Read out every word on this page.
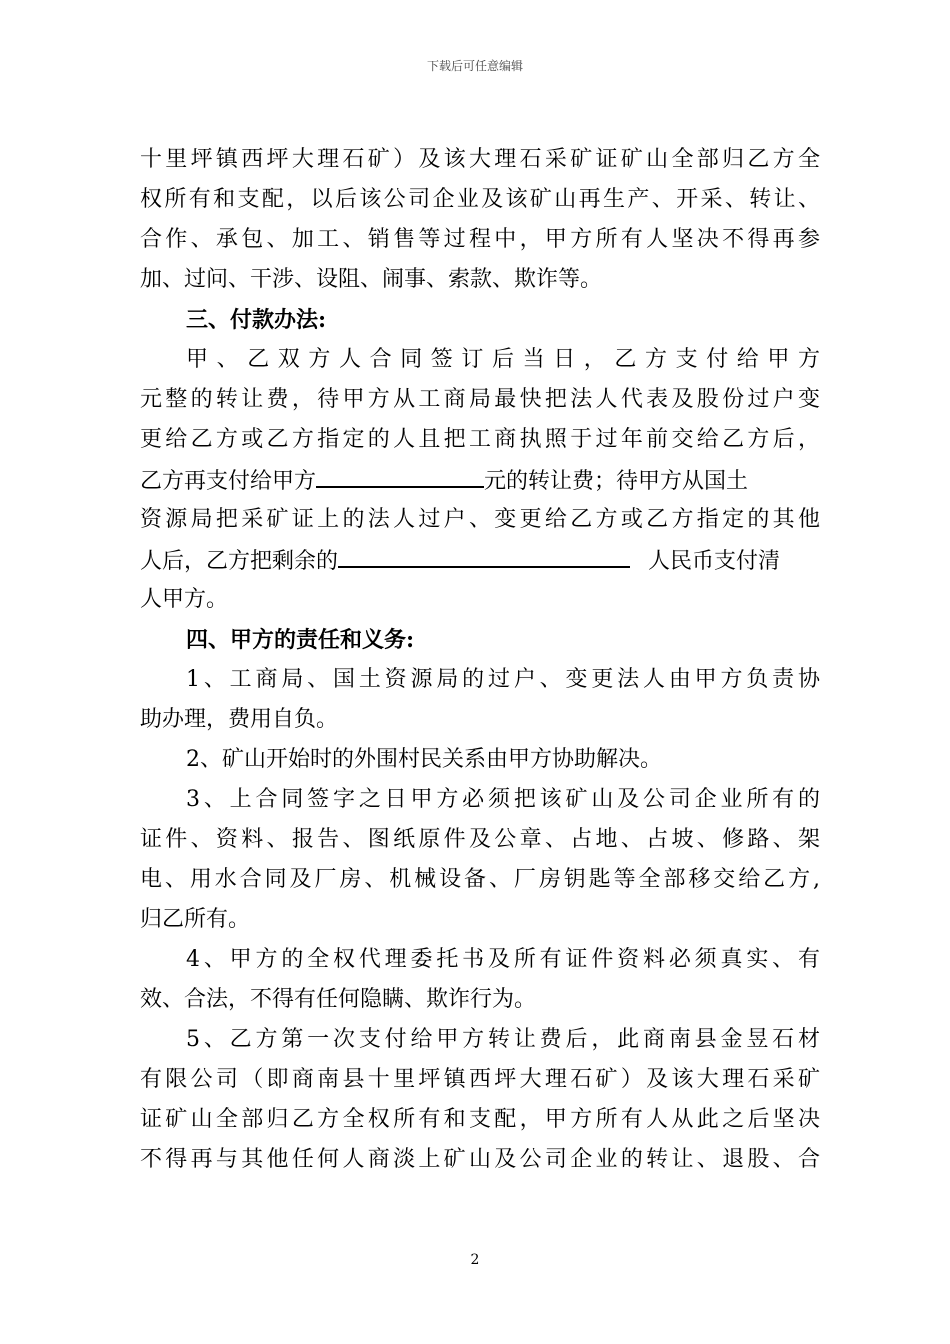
下载后可任意编辑
十里坪镇西坪大理石矿）及该大理石采矿证矿山全部归乙方全
权所有和支配，以后该公司企业及该矿山再生产、开采、转让、
合作、承包、加工、销售等过程中，甲方所有人坚决不得再参
加、过问、干涉、设阻、闹事、索款、欺诈等。
三、付款办法:
甲、乙双方人合同签订后当日，乙方支付给甲方
元整的转让费，待甲方从工商局最快把法人代表及股份过户变
更给乙方或乙方指定的人且把工商执照于过年前交给乙方后，
乙方再支付给甲方	元的转让费；待甲方从国土
资源局把采矿证上的法人过户、变更给乙方或乙方指定的其他
人后，乙方把剩余的	人民币支付清
人甲方。
四、甲方的责任和义务:
1、工商局、国土资源局的过户、变更法人由甲方负责协
助办理，费用自负。
2、矿山开始时的外围村民关系由甲方协助解决。
3、上合同签字之日甲方必须把该矿山及公司企业所有的
证件、资料、报告、图纸原件及公章、占地、占坡、修路、架
电、用水合同及厂房、机械设备、厂房钥匙等全部移交给乙方,
归乙所有。
4、甲方的全权代理委托书及所有证件资料必须真实、有
效、合法，不得有任何隐瞒、欺诈行为。
5、乙方第一次支付给甲方转让费后，此商南县金昱石材
有限公司（即商南县十里坪镇西坪大理石矿）及该大理石采矿
证矿山全部归乙方全权所有和支配，甲方所有人从此之后坚决
不得再与其他任何人商淡上矿山及公司企业的转让、退股、合
2
